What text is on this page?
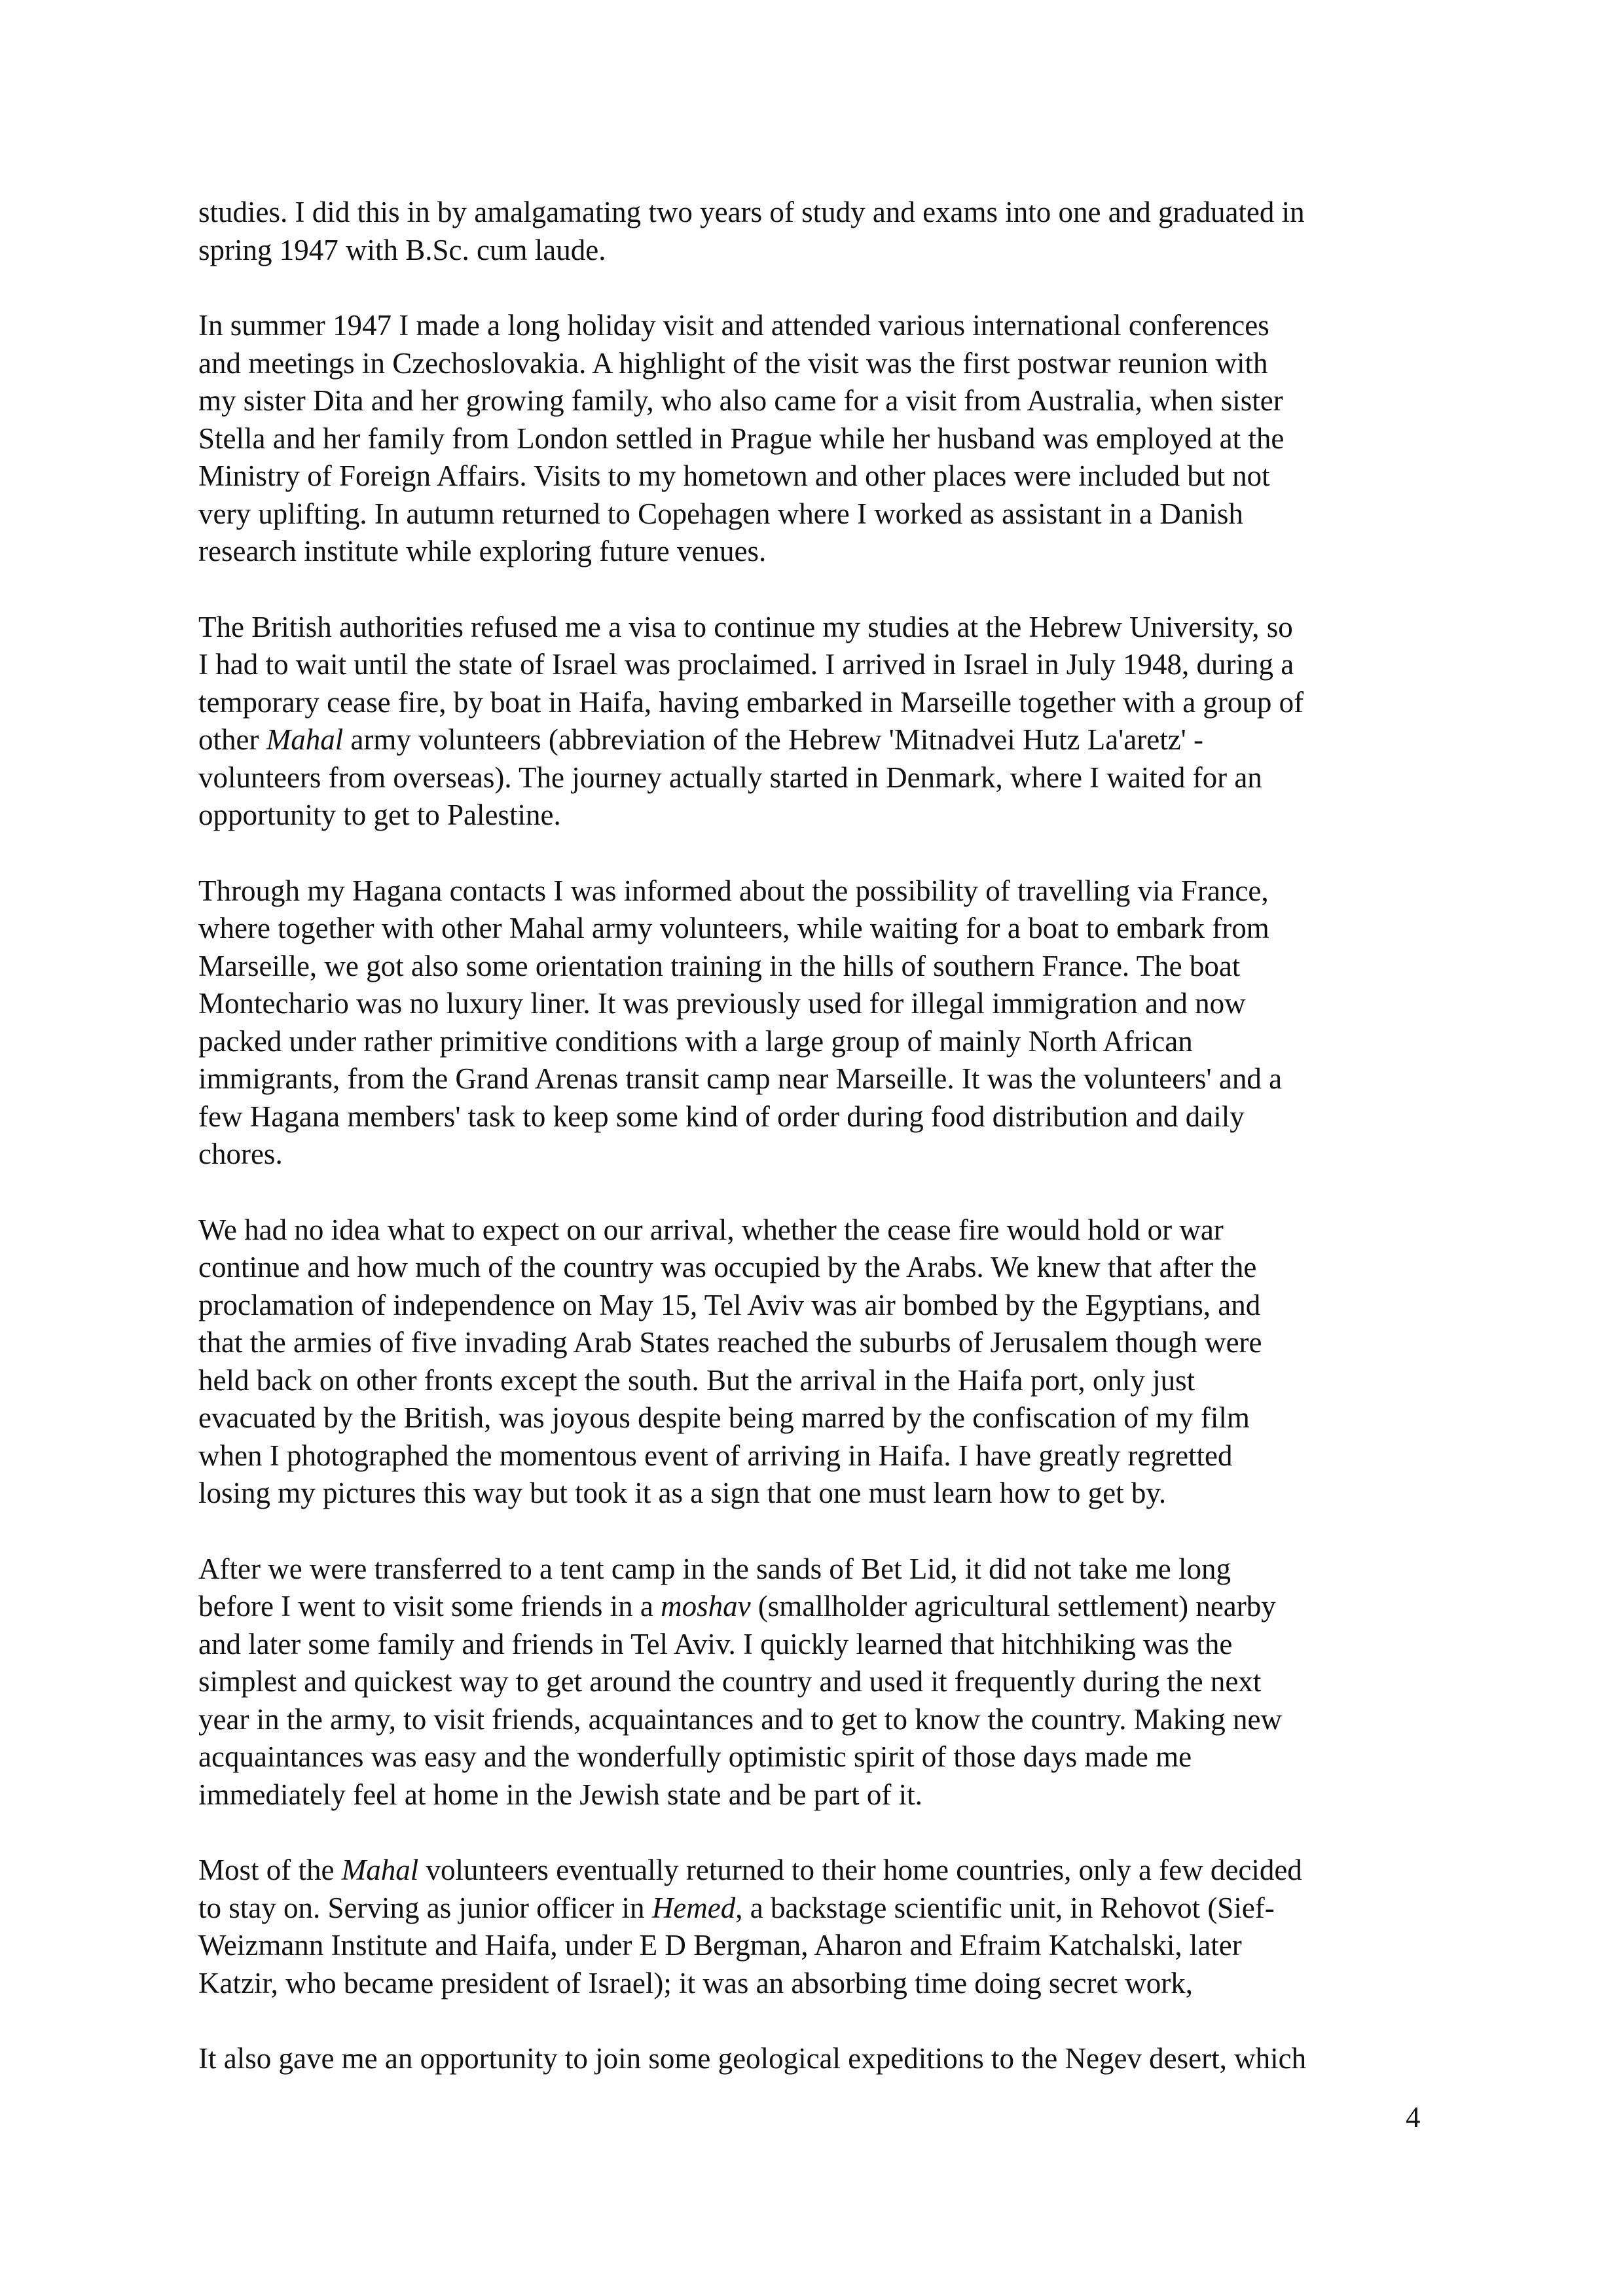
studies. I did this in by amalgamating two years of study and exams into one and graduated in
spring 1947 with B.Sc. cum laude.

In summer 1947 I made a long holiday visit and attended various international conferences
and meetings in Czechoslovakia. A highlight of the visit was the first postwar reunion with
my sister Dita and her growing family, who also came for a visit from Australia, when sister
Stella and her family from London settled in Prague while her husband was employed at the
Ministry of Foreign Affairs. Visits to my hometown and other places were included but not
very uplifting. In autumn returned to Copehagen where I worked as assistant in a Danish
research institute while exploring future venues.

The British authorities refused me a visa to continue my studies at the Hebrew University, so
I had to wait until the state of Israel was proclaimed. I arrived in Israel in July 1948, during a
temporary cease fire, by boat in Haifa, having embarked in Marseille together with a group of
other Mahal army volunteers (abbreviation of the Hebrew 'Mitnadvei Hutz La'aretz' -
volunteers from overseas). The journey actually started in Denmark, where I waited for an
opportunity to get to Palestine.

Through my Hagana contacts I was informed about the possibility of travelling via France,
where together with other Mahal army volunteers, while waiting for a boat to embark from
Marseille, we got also some orientation training in the hills of southern France. The boat
Montechario was no luxury liner. It was previously used for illegal immigration and now
packed under rather primitive conditions with a large group of mainly North African
immigrants, from the Grand Arenas transit camp near Marseille. It was the volunteers' and a
few Hagana members' task to keep some kind of order during food distribution and daily
chores.

We had no idea what to expect on our arrival, whether the cease fire would hold or war
continue and how much of the country was occupied by the Arabs. We knew that after the
proclamation of independence on May 15, Tel Aviv was air bombed by the Egyptians, and
that the armies of five invading Arab States reached the suburbs of Jerusalem though were
held back on other fronts except the south. But the arrival in the Haifa port, only just
evacuated by the British, was joyous despite being marred by the confiscation of my film
when I photographed the momentous event of arriving in Haifa. I have greatly regretted
losing my pictures this way but took it as a sign that one must learn how to get by.

After we were transferred to a tent camp in the sands of Bet Lid, it did not take me long
before I went to visit some friends in a moshav (smallholder agricultural settlement) nearby
and later some family and friends in Tel Aviv. I quickly learned that hitchhiking was the
simplest and quickest way to get around the country and used it frequently during the next
year in the army, to visit friends, acquaintances and to get to know the country. Making new
acquaintances was easy and the wonderfully optimistic spirit of those days made me
immediately feel at home in the Jewish state and be part of it.

Most of the Mahal volunteers eventually returned to their home countries, only a few decided
to stay on. Serving as junior officer in Hemed, a backstage scientific unit, in Rehovot (Sief-
Weizmann Institute and Haifa, under E D Bergman, Aharon and Efraim Katchalski, later
Katzir, who became president of Israel); it was an absorbing time doing secret work,

It also gave me an opportunity to join some geological expeditions to the Negev desert, which

4
